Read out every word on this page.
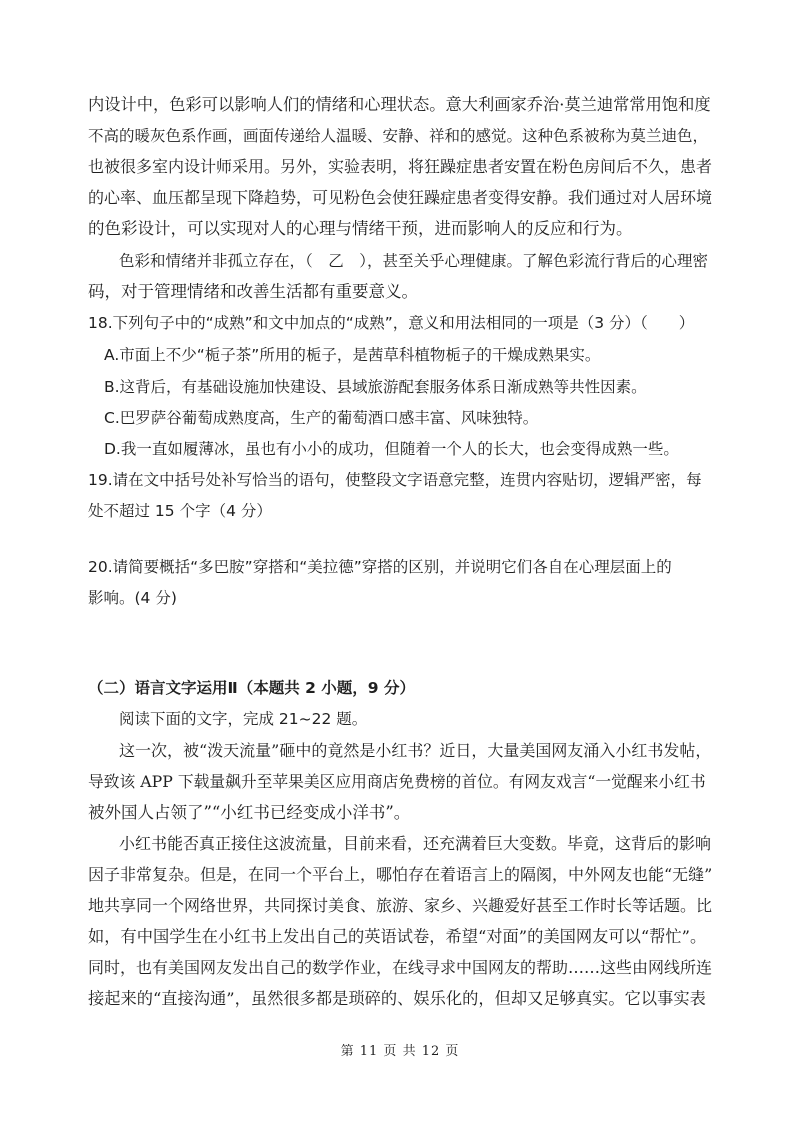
内设计中，色彩可以影响人们的情绪和心理状态。意大利画家乔治·莫兰迪常常用饱和度
不高的暖灰色系作画，画面传递给人温暖、安静、祥和的感觉。这种色系被称为莫兰迪色，
也被很多室内设计师采用。另外，实验表明，将狂躁症患者安置在粉色房间后不久，患者
的心率、血压都呈现下降趋势，可见粉色会使狂躁症患者变得安静。我们通过对人居环境
的色彩设计，可以实现对人的心理与情绪干预，进而影响人的反应和行为。
色彩和情绪并非孤立存在，（　乙　），甚至关乎心理健康。了解色彩流行背后的心理密
码，对于管理情绪和改善生活都有重要意义。
18.下列句子中的“成熟”和文中加点的“成熟”，意义和用法相同的一项是（3 分）（　　）
A.市面上不少“栀子茶”所用的栀子，是茜草科植物栀子的干燥成熟果实。
B.这背后，有基础设施加快建设、县域旅游配套服务体系日渐成熟等共性因素。
C.巴罗萨谷葡萄成熟度高，生产的葡萄酒口感丰富、风味独特。
D.我一直如履薄冰，虽也有小小的成功，但随着一个人的长大，也会变得成熟一些。
19.请在文中括号处补写恰当的语句，使整段文字语意完整，连贯内容贴切，逻辑严密，每
处不超过 15 个字（4 分）
20.请简要概括“多巴胺”穿搭和“美拉德”穿搭的区别，并说明它们各自在心理层面上的
影响。(4 分)
（二）语言文字运用Ⅱ（本题共 2 小题，9 分）
阅读下面的文字，完成 21~22 题。
这一次，被“泼天流量”砸中的竟然是小红书？近日，大量美国网友涌入小红书发帖，
导致该 APP 下载量飙升至苹果美区应用商店免费榜的首位。有网友戏言“一觉醒来小红书
被外国人占领了”“小红书已经变成小洋书”。
小红书能否真正接住这波流量，目前来看，还充满着巨大变数。毕竟，这背后的影响
因子非常复杂。但是，在同一个平台上，哪怕存在着语言上的隔阂，中外网友也能“无缝”
地共享同一个网络世界，共同探讨美食、旅游、家乡、兴趣爱好甚至工作时长等话题。比
如，有中国学生在小红书上发出自己的英语试卷，希望“对面”的美国网友可以“帮忙”。
同时，也有美国网友发出自己的数学作业，在线寻求中国网友的帮助……这些由网线所连
接起来的“直接沟通”，虽然很多都是琐碎的、娱乐化的，但却又足够真实。它以事实表
第 11 页 共 12 页
